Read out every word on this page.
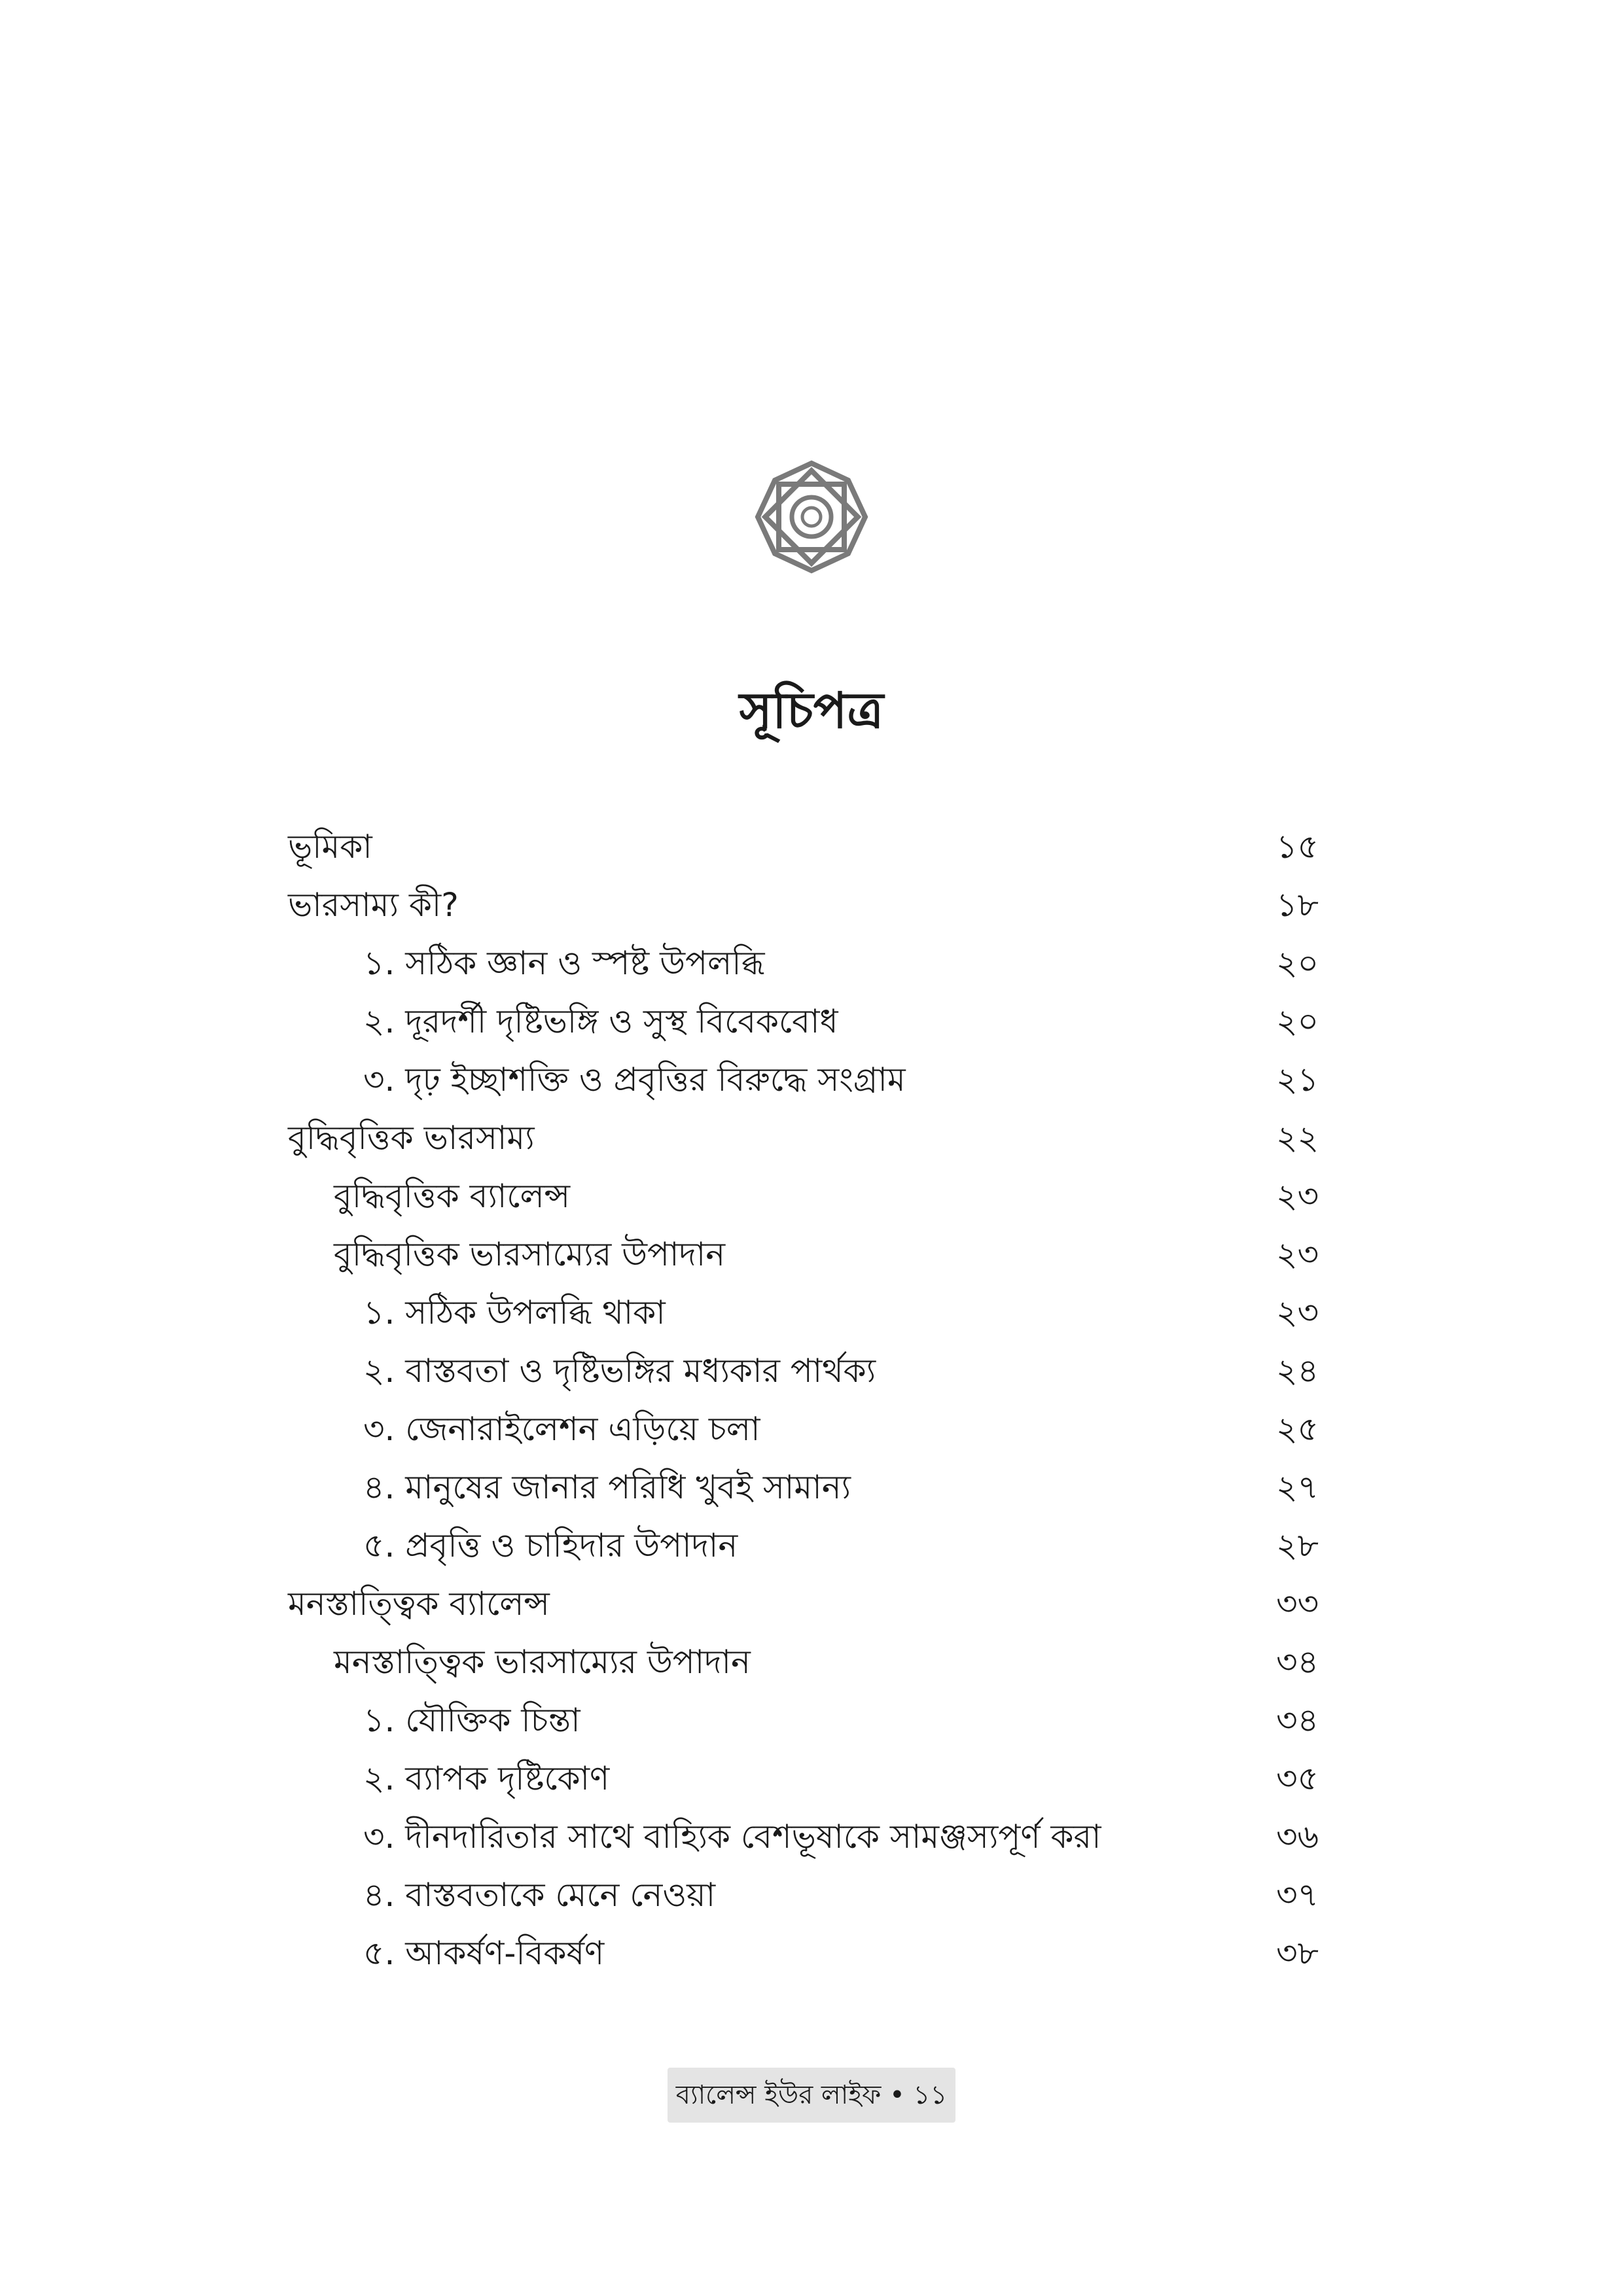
সূচিপত্র
ভূমিকা	১৫
ভারসাম্য কী?	১৮
১. সঠিক জ্ঞান ও স্পষ্ট উপলব্ধি	২০
২. দূরদর্শী দৃষ্টিভঙ্গি ও সুস্থ বিবেকবোধ	২০
৩. দৃঢ় ইচ্ছাশক্তি ও প্রবৃত্তির বিরুদ্ধে সংগ্রাম	২১
বুদ্ধিবৃত্তিক ভারসাম্য	২২
বুদ্ধিবৃত্তিক ব্যালেন্স	২৩
বুদ্ধিবৃত্তিক ভারসাম্যের উপাদান	২৩
১. সঠিক উপলব্ধি থাকা	২৩
২. বাস্তবতা ও দৃষ্টিভঙ্গির মধ্যকার পার্থক্য	২৪
৩. জেনারাইলেশন এড়িয়ে চলা	২৫
৪. মানুষের জানার পরিধি খুবই সামান্য	২৭
৫. প্রবৃত্তি ও চাহিদার উপাদান	২৮
মনস্তাত্ত্বিক ব্যালেন্স	৩৩
মনস্তাত্ত্বিক ভারসাম্যের উপাদান	৩৪
১. যৌক্তিক চিন্তা	৩৪
২. ব্যাপক দৃষ্টিকোণ	৩৫
৩. দীনদারিতার সাথে বাহ্যিক বেশভূষাকে সামঞ্জস্যপূর্ণ করা	৩৬
৪. বাস্তবতাকে মেনে নেওয়া	৩৭
৫. আকর্ষণ-বিকর্ষণ	৩৮
ব্যালেন্স ইউর লাইফ • ১১
